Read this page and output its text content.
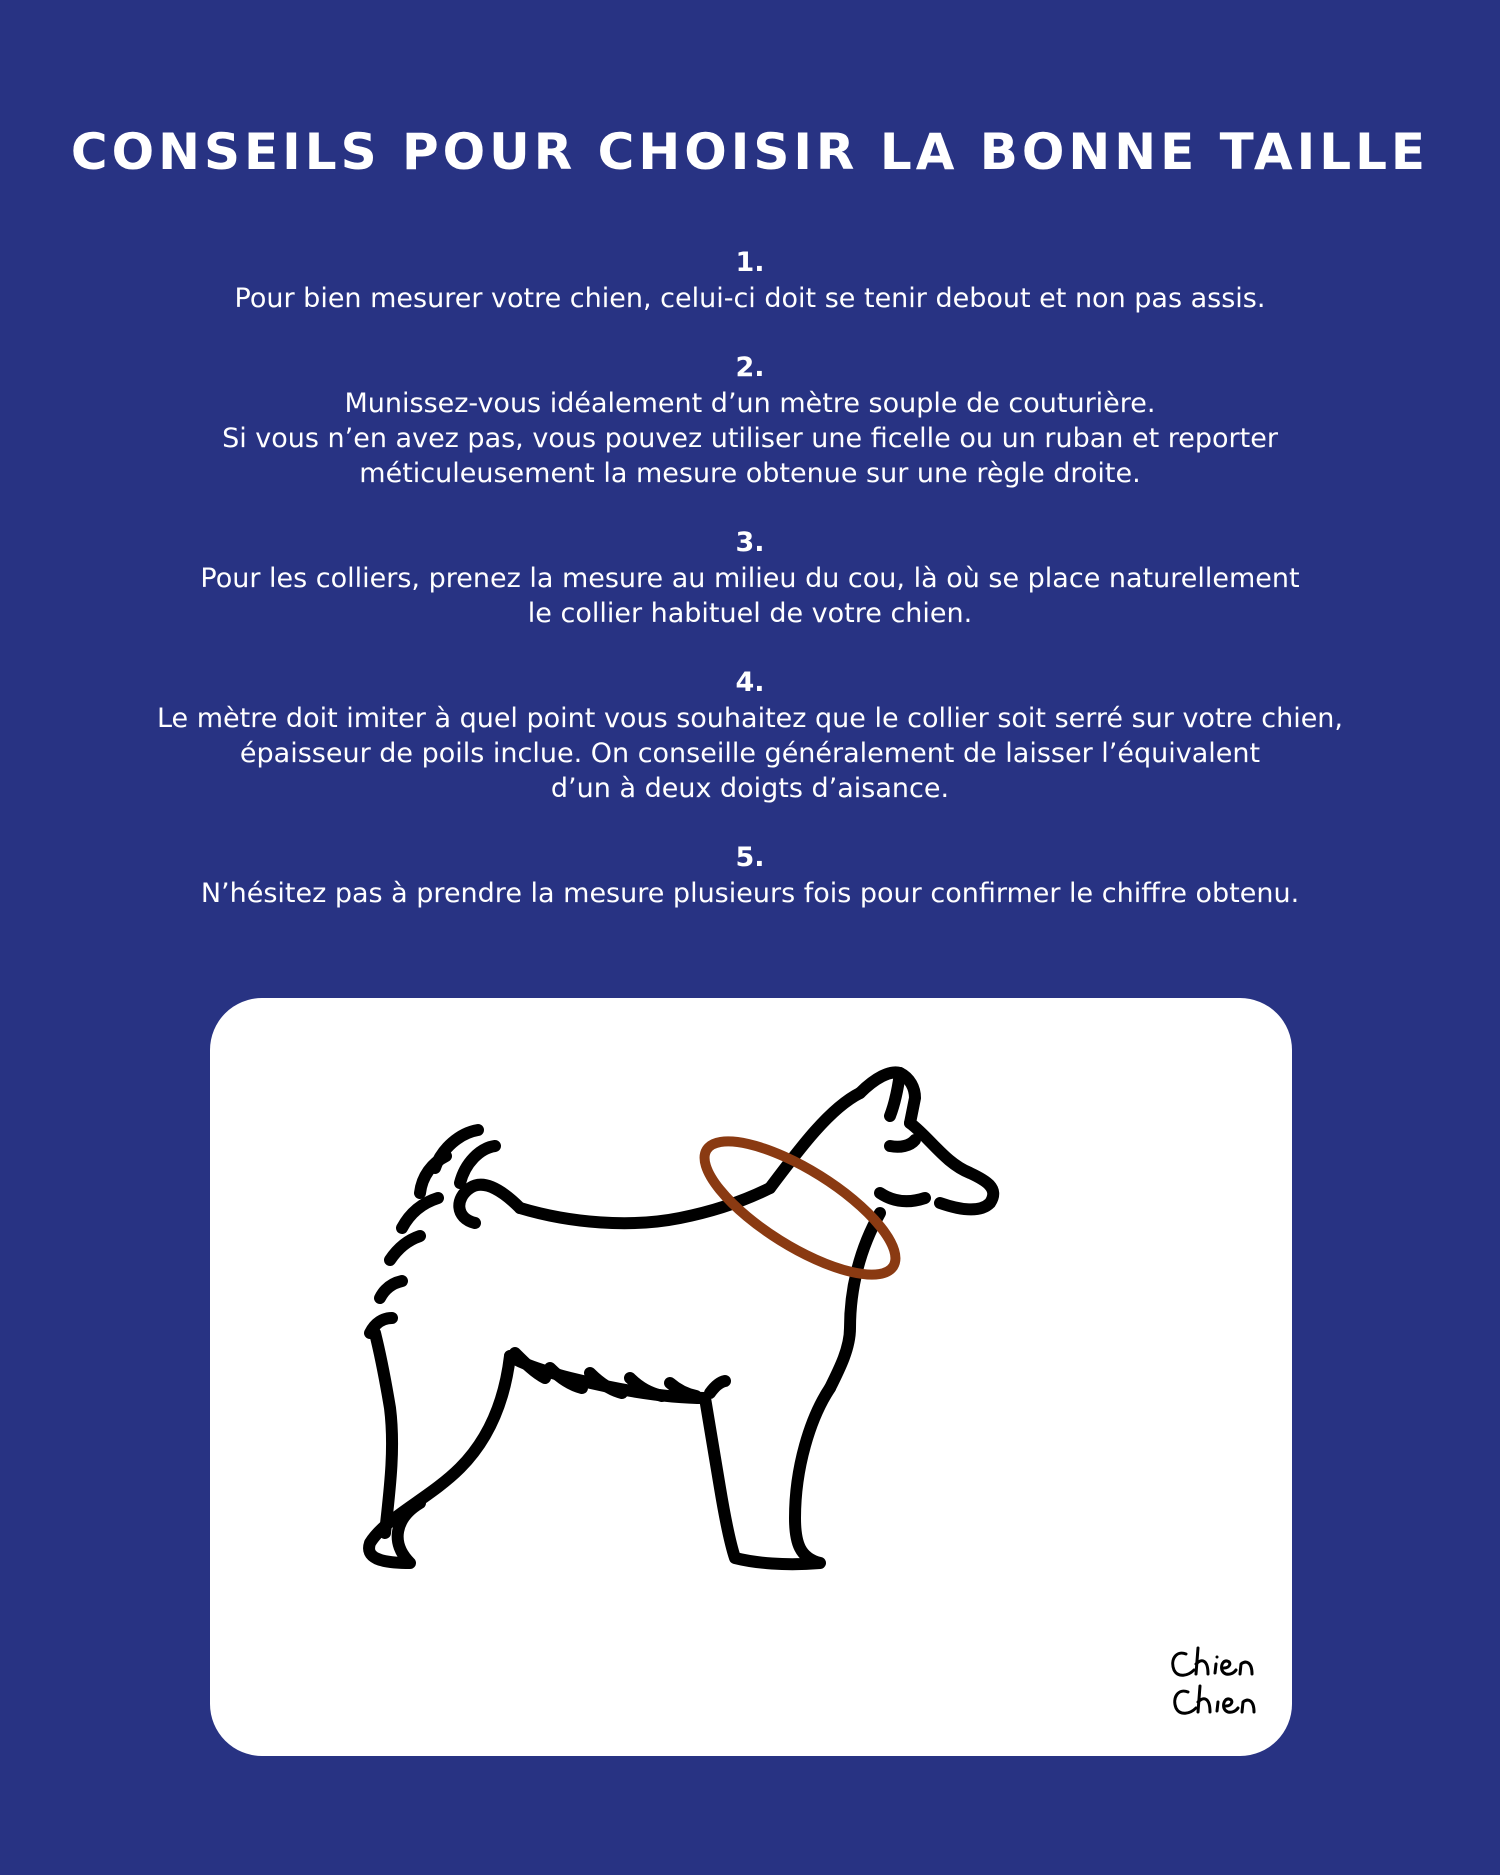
CONSEILS POUR CHOISIR LA BONNE TAILLE
1.
Pour bien mesurer votre chien, celui-ci doit se tenir debout et non pas assis.
2.
Munissez-vous idéalement d’un mètre souple de couturière.
Si vous n’en avez pas, vous pouvez utiliser une ficelle ou un ruban et reporter
méticuleusement la mesure obtenue sur une règle droite.
3.
Pour les colliers, prenez la mesure au milieu du cou, là où se place naturellement
le collier habituel de votre chien.
4.
Le mètre doit imiter à quel point vous souhaitez que le collier soit serré sur votre chien,
épaisseur de poils inclue. On conseille généralement de laisser l’équivalent
d’un à deux doigts d’aisance.
5.
N’hésitez pas à prendre la mesure plusieurs fois pour confirmer le chiffre obtenu.
